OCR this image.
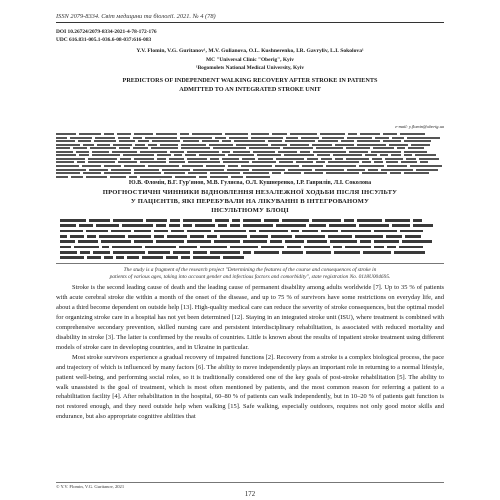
ISSN 2079-8334. Світ медицини та біології. 2021. № 4 (78)
DOI 10.26724/2079-8334-2021-4-78-172-176
UDC 616.831-005.1-036.6-08-037:616-083
Y.V. Flomin, V.G. Guritanov¹, M.V. Gulianova, O.L. Kushnerenko, I.R. Gavryliv, L.I. Sokolova¹
MC "Universal Clinic "Oberig", Kyiv
¹Bogomolets National Medical University, Kyiv
PREDICTORS OF INDEPENDENT WALKING RECOVERY AFTER STROKE IN PATIENTS
ADMITTED TO AN INTEGRATED STROKE UNIT
e-mail: y.flomin@oberig.ua
Ю.В. Фломін, В.Г. Гур'янов, М.В. Гуляєва, О.Л. Кушнеренко, І.Р. Гаврилів, Л.І. Соколова
ПРОГНОСТИЧНІ ЧИННИКИ ВІДНОВЛЕННЯ НЕЗАЛЕЖНОЇ ХОДЬБИ ПІСЛЯ ІНСУЛЬТУ
У ПАЦІЄНТІВ, ЯКІ ПЕРЕБУВАЛИ НА ЛІКУВАННІ В ІНТЕГРОВАНОМУ
ІНСУЛЬТНОМУ БЛОЦІ
The study is a fragment of the research project "Determining the features of the course and consequences of stroke in
patients of various ages, taking into account gender and infectious factors and comorbidity", state registration No. 0118U004695.

Stroke is the second leading cause of death and the leading cause of permanent disability among adults worldwide [7]. Up to 35 % of patients with acute cerebral stroke die within a month of the onset of the disease, and up to 75 % of survivors have some restrictions on everyday life, and about a third become dependent on outside help [13]. High-quality medical care can reduce the severity of stroke consequences, but the optimal model for organizing stroke care in a hospital has not yet been determined [12]. Staying in an integrated stroke unit (ISU), where treatment is combined with comprehensive secondary prevention, skilled nursing care and persistent interdisciplinary rehabilitation, is associated with reduced mortality and disability in stroke [3]. The latter is confirmed by the results of countries. Little is known about the results of inpatient stroke treatment using different models of stroke care in developing countries, and in Ukraine in particular.

Most stroke survivors experience a gradual recovery of impaired functions [2]. Recovery from a stroke is a complex biological process, the pace and trajectory of which is influenced by many factors [6]. The ability to move independently plays an important role in returning to a normal lifestyle, patient well-being, and performing social roles, so it is traditionally considered one of the key goals of post-stroke rehabilitation [5]. The ability to walk unassisted is the goal of treatment, which is most often mentioned by patients, and the most common reason for referring a patient to a rehabilitation facility [4]. After rehabilitation in the hospital, 60–80 % of patients can walk independently, but in 10–20 % of patients gait function is not restored enough, and they need outside help when walking [15]. Safe walking, especially outdoors, requires not only good motor skills and endurance, but also appropriate cognitive abilities that

© Y.V. Flomin, V.G. Guritanov, 2021
172
